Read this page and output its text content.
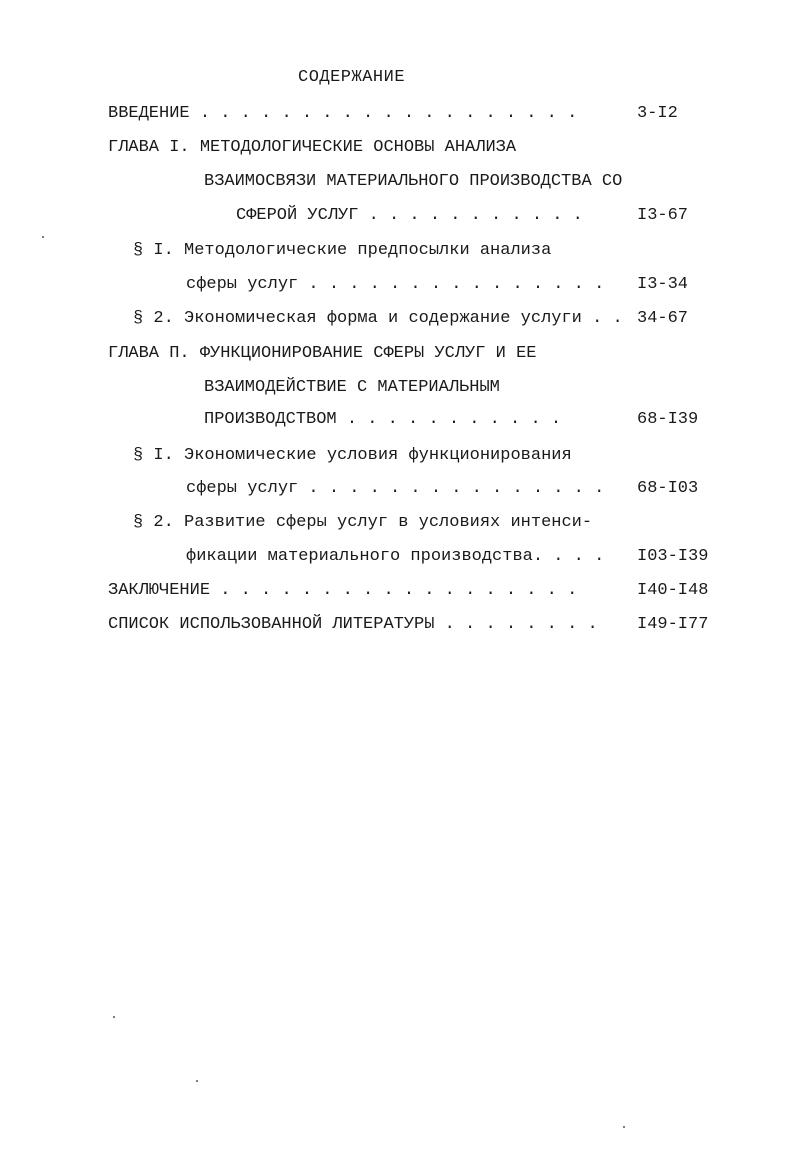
СОДЕРЖАНИЕ
ВВЕДЕНИЕ . . . . . . . . . . . . . . . . . . .	3-I2
ГЛАВА I. МЕТОДОЛОГИЧЕСКИЕ ОСНОВЫ АНАЛИЗА
ВЗАИМОСВЯЗИ МАТЕРИАЛЬНОГО ПРОИЗВОДСТВА СО
СФЕРОЙ УСЛУГ . . . . . . . . . . .	I3-67
§ I. Методологические предпосылки анализа
сферы услуг . . . . . . . . . . . . . . . I3-34
§ 2. Экономическая форма и содержание услуги . . 34-67
ГЛАВА П. ФУНКЦИОНИРОВАНИЕ СФЕРЫ УСЛУГ И ЕЕ
ВЗАИМОДЕЙСТВИЕ С МАТЕРИАЛЬНЫМ
ПРОИЗВОДСТВОМ . . . . . . . . . . .	68-I39
§ I. Экономические условия функционирования
сферы услуг . . . . . . . . . . . . . . . 68-I03
§ 2. Развитие сферы услуг в условиях интенси-
фикации материального производства. . . . I03-I39
ЗАКЛЮЧЕНИЕ . . . . . . . . . . . . . . . . . .	I40-I48
СПИСОК ИСПОЛЬЗОВАННОЙ ЛИТЕРАТУРЫ . . . . . . . . I49-I77
